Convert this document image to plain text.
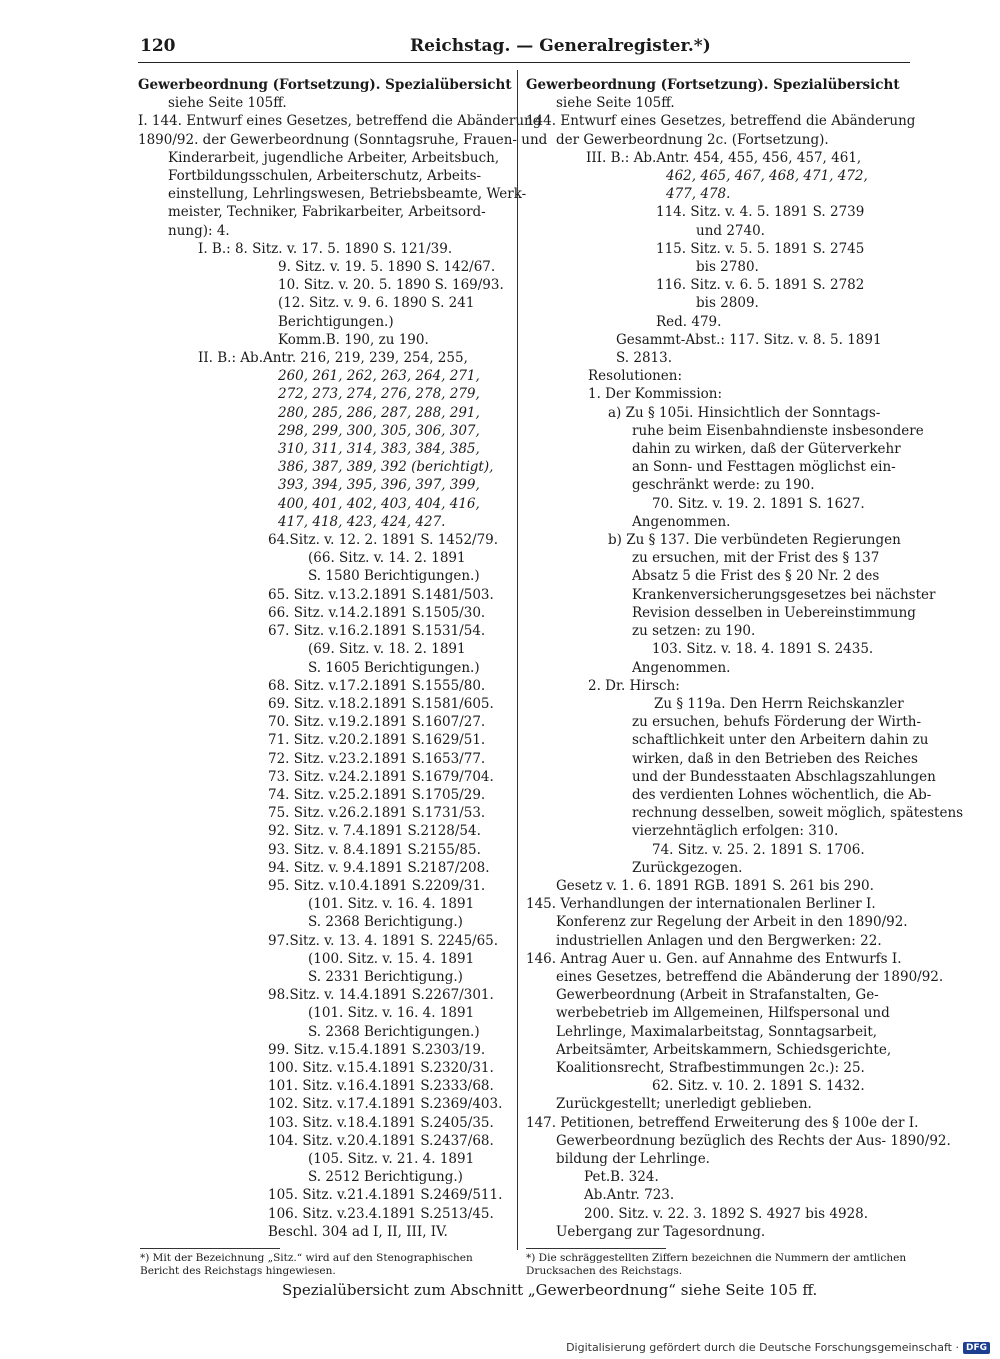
120	Reichstag. — Generalregister.*)
Gewerbeordnung (Fortsetzung). Spezialübersicht
siehe Seite 105ff.
I. 144. Entwurf eines Gesetzes, betreffend die Abänderung
1890/92. der Gewerbeordnung (Sonntagsruhe, Frauen- und
Kinderarbeit, jugendliche Arbeiter, Arbeitsbuch,
Fortbildungsschulen, Arbeiterschutz, Arbeits-
einstellung, Lehrlingswesen, Betriebsbeamte, Werk-
meister, Techniker, Fabrikarbeiter, Arbeitsord-
nung): 4.
I. B.: 8. Sitz. v. 17. 5. 1890 S. 121/39.
9. Sitz. v. 19. 5. 1890 S. 142/67.
10. Sitz. v. 20. 5. 1890 S. 169/93.
(12. Sitz. v. 9. 6. 1890 S. 241
Berichtigungen.)
Komm.B. 190, zu 190.
II. B.: Ab.Antr. 216, 219, 239, 254, 255,
260, 261, 262, 263, 264, 271,
272, 273, 274, 276, 278, 279,
280, 285, 286, 287, 288, 291,
298, 299, 300, 305, 306, 307,
310, 311, 314, 383, 384, 385,
386, 387, 389, 392 (berichtigt),
393, 394, 395, 396, 397, 399,
400, 401, 402, 403, 404, 416,
417, 418, 423, 424, 427.
64.Sitz. v. 12. 2. 1891 S. 1452/79.
(66. Sitz. v. 14. 2. 1891
S. 1580 Berichtigungen.)
65. Sitz. v.13.2.1891 S.1481/503.
66. Sitz. v.14.2.1891 S.1505/30.
67. Sitz. v.16.2.1891 S.1531/54.
(69. Sitz. v. 18. 2. 1891
S. 1605 Berichtigungen.)
68. Sitz. v.17.2.1891 S.1555/80.
69. Sitz. v.18.2.1891 S.1581/605.
70. Sitz. v.19.2.1891 S.1607/27.
71. Sitz. v.20.2.1891 S.1629/51.
72. Sitz. v.23.2.1891 S.1653/77.
73. Sitz. v.24.2.1891 S.1679/704.
74. Sitz. v.25.2.1891 S.1705/29.
75. Sitz. v.26.2.1891 S.1731/53.
92. Sitz. v. 7.4.1891 S.2128/54.
93. Sitz. v. 8.4.1891 S.2155/85.
94. Sitz. v. 9.4.1891 S.2187/208.
95. Sitz. v.10.4.1891 S.2209/31.
(101. Sitz. v. 16. 4. 1891
S. 2368 Berichtigung.)
97.Sitz. v. 13. 4. 1891 S. 2245/65.
(100. Sitz. v. 15. 4. 1891
S. 2331 Berichtigung.)
98.Sitz. v. 14.4.1891 S.2267/301.
(101. Sitz. v. 16. 4. 1891
S. 2368 Berichtigungen.)
99. Sitz. v.15.4.1891 S.2303/19.
100. Sitz. v.15.4.1891 S.2320/31.
101. Sitz. v.16.4.1891 S.2333/68.
102. Sitz. v.17.4.1891 S.2369/403.
103. Sitz. v.18.4.1891 S.2405/35.
104. Sitz. v.20.4.1891 S.2437/68.
(105. Sitz. v. 21. 4. 1891
S. 2512 Berichtigung.)
105. Sitz. v.21.4.1891 S.2469/511.
106. Sitz. v.23.4.1891 S.2513/45.
Beschl. 304 ad I, II, III, IV.
Gewerbeordnung (Fortsetzung). Spezialübersicht
siehe Seite 105ff.
144. Entwurf eines Gesetzes, betreffend die Abänderung
der Gewerbeordnung 2c. (Fortsetzung).
III. B.: Ab.Antr. 454, 455, 456, 457, 461,
462, 465, 467, 468, 471, 472,
477, 478.
114. Sitz. v. 4. 5. 1891 S. 2739
und 2740.
115. Sitz. v. 5. 5. 1891 S. 2745
bis 2780.
116. Sitz. v. 6. 5. 1891 S. 2782
bis 2809.
Red. 479.
Gesammt-Abst.: 117. Sitz. v. 8. 5. 1891
S. 2813.
Resolutionen:
1. Der Kommission:
a) Zu § 105i. Hinsichtlich der Sonntags-
ruhe beim Eisenbahndienste insbesondere
dahin zu wirken, daß der Güterverkehr
an Sonn- und Festtagen möglichst ein-
geschränkt werde: zu 190.
70. Sitz. v. 19. 2. 1891 S. 1627.
Angenommen.
b) Zu § 137. Die verbündeten Regierungen
zu ersuchen, mit der Frist des § 137
Absatz 5 die Frist des § 20 Nr. 2 des
Krankenversicherungsgesetzes bei nächster
Revision desselben in Uebereinstimmung
zu setzen: zu 190.
103. Sitz. v. 18. 4. 1891 S. 2435.
Angenommen.
2. Dr. Hirsch:
Zu § 119a. Den Herrn Reichskanzler
zu ersuchen, behufs Förderung der Wirth-
schaftlichkeit unter den Arbeitern dahin zu
wirken, daß in den Betrieben des Reiches
und der Bundesstaaten Abschlagszahlungen
des verdienten Lohnes wöchentlich, die Ab-
rechnung desselben, soweit möglich, spätestens
vierzehntäglich erfolgen: 310.
74. Sitz. v. 25. 2. 1891 S. 1706.
Zurückgezogen.
Gesetz v. 1. 6. 1891 RGB. 1891 S. 261 bis 290.
145. Verhandlungen der internationalen Berliner I.
Konferenz zur Regelung der Arbeit in den 1890/92.
industriellen Anlagen und den Bergwerken: 22.
146. Antrag Auer u. Gen. auf Annahme des Entwurfs I.
eines Gesetzes, betreffend die Abänderung der 1890/92.
Gewerbeordnung (Arbeit in Strafanstalten, Ge-
werbebetrieb im Allgemeinen, Hilfspersonal und
Lehrlinge, Maximalarbeitstag, Sonntagsarbeit,
Arbeitsämter, Arbeitskammern, Schiedsgerichte,
Koalitionsrecht, Strafbestimmungen 2c.): 25.
62. Sitz. v. 10. 2. 1891 S. 1432.
Zurückgestellt; unerledigt geblieben.
147. Petitionen, betreffend Erweiterung des § 100e der I.
Gewerbeordnung bezüglich des Rechts der Aus- 1890/92.
bildung der Lehrlinge.
Pet.B. 324.
Ab.Antr. 723.
200. Sitz. v. 22. 3. 1892 S. 4927 bis 4928.
Uebergang zur Tagesordnung.
*) Mit der Bezeichnung „Sitz.“ wird auf den Stenographischen Bericht des Reichstags hingewiesen.
*) Die schräggestellten Ziffern bezeichnen die Nummern der amtlichen Drucksachen des Reichstags.
Spezialübersicht zum Abschnitt „Gewerbeordnung“ siehe Seite 105 ff.
Digitalisierung gefördert durch die Deutsche Forschungsgemeinschaft · DFG
